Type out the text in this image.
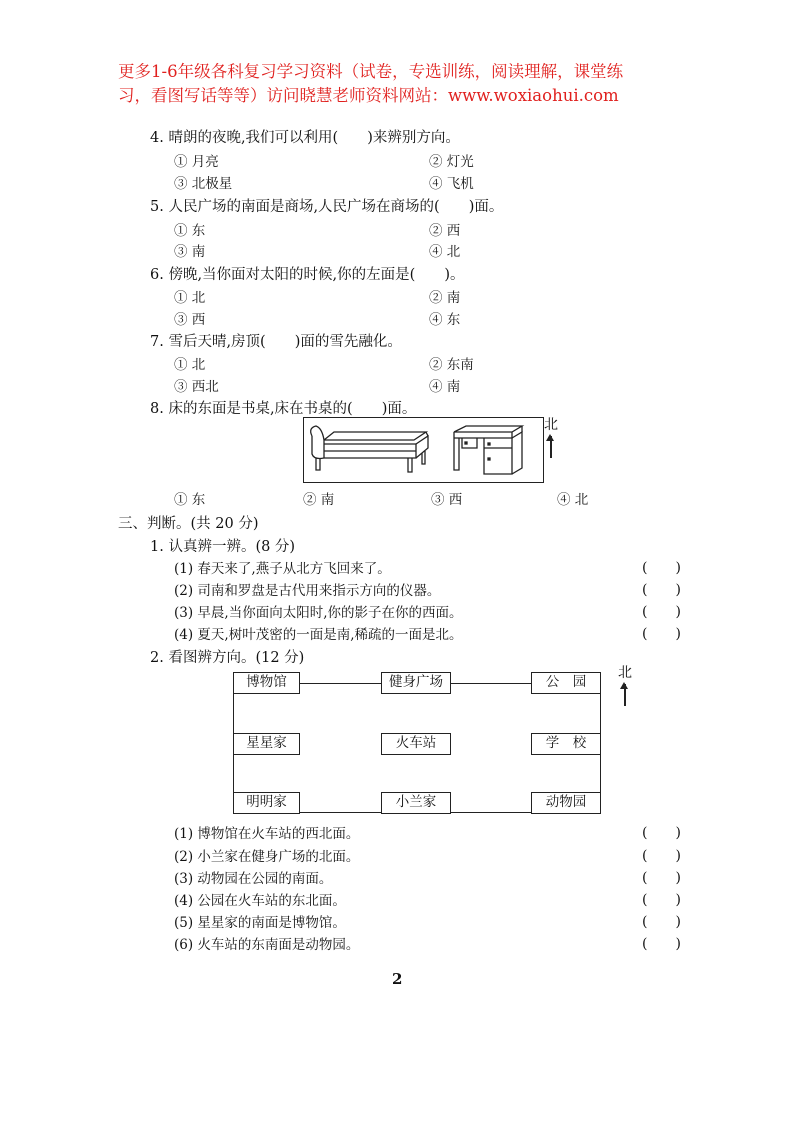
更多1-6年级各科复习学习资料（试卷，专选训练，阅读理解，课堂练
习，看图写话等等）访问晓慧老师资料网站：www.woxiaohui.com
4. 晴朗的夜晚,我们可以利用(　　)来辨别方向。
① 月亮	② 灯光
③ 北极星	④ 飞机
5. 人民广场的南面是商场,人民广场在商场的(　　)面。
① 东	② 西
③ 南	④ 北
6. 傍晚,当你面对太阳的时候,你的左面是(　　)。
① 北	② 南
③ 西	④ 东
7. 雪后天晴,房顶(　　)面的雪先融化。
① 北	② 东南
③ 西北	④ 南
8. 床的东面是书桌,床在书桌的(　　)面。
北
① 东	② 南	③ 西	④ 北
三、判断。(共 20 分)
1. 认真辨一辨。(8 分)
(1) 春天来了,燕子从北方飞回来了。	(　　)
(2) 司南和罗盘是古代用来指示方向的仪器。	(　　)
(3) 早晨,当你面向太阳时,你的影子在你的西面。	(　　)
(4) 夏天,树叶茂密的一面是南,稀疏的一面是北。	(　　)
2. 看图辨方向。(12 分)
博物馆	健身广场	公　园
星星家	火车站	学　校
明明家	小兰家	动物园
北
(1) 博物馆在火车站的西北面。	(　　)
(2) 小兰家在健身广场的北面。	(　　)
(3) 动物园在公园的南面。	(　　)
(4) 公园在火车站的东北面。	(　　)
(5) 星星家的南面是博物馆。	(　　)
(6) 火车站的东南面是动物园。	(　　)
2
